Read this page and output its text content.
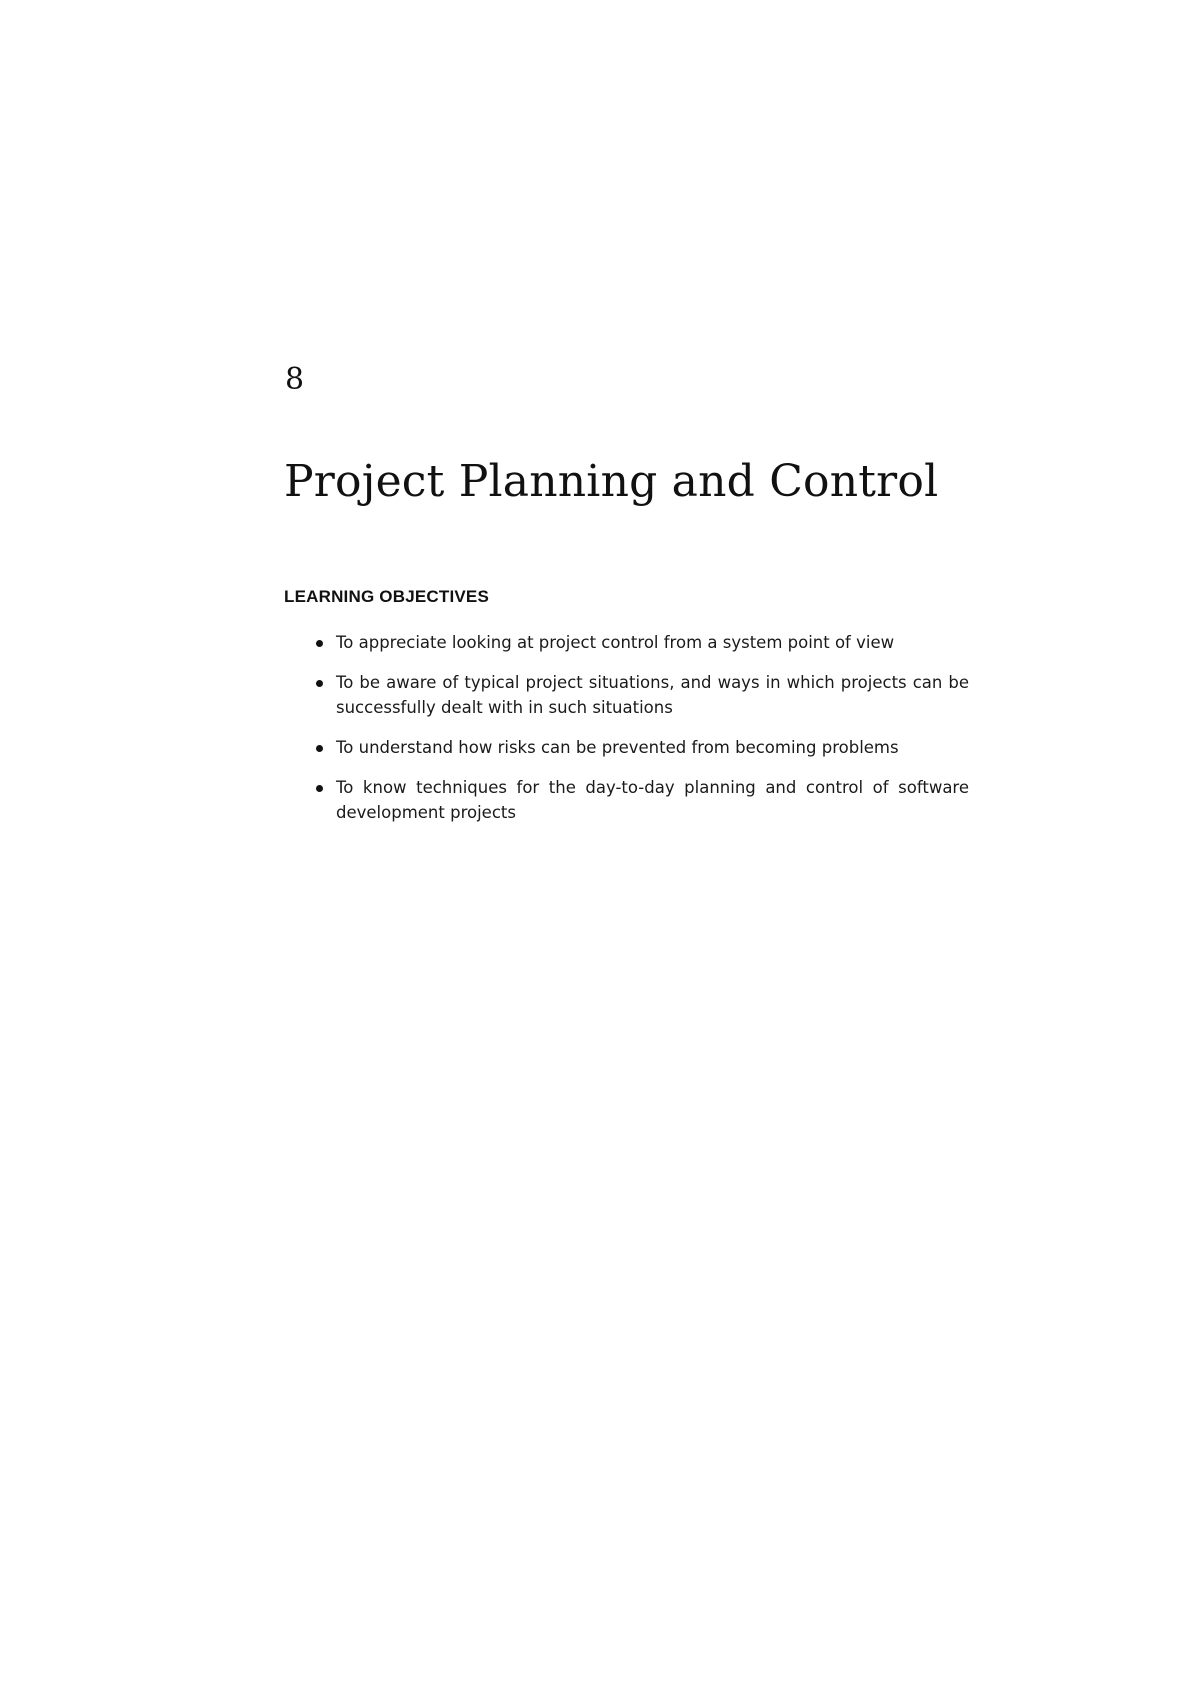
8
Project Planning and Control
LEARNING OBJECTIVES
To appreciate looking at project control from a system point of view
To be aware of typical project situations, and ways in which projects can be successfully dealt with in such situations
To understand how risks can be prevented from becoming problems
To know techniques for the day-to-day planning and control of software development projects
